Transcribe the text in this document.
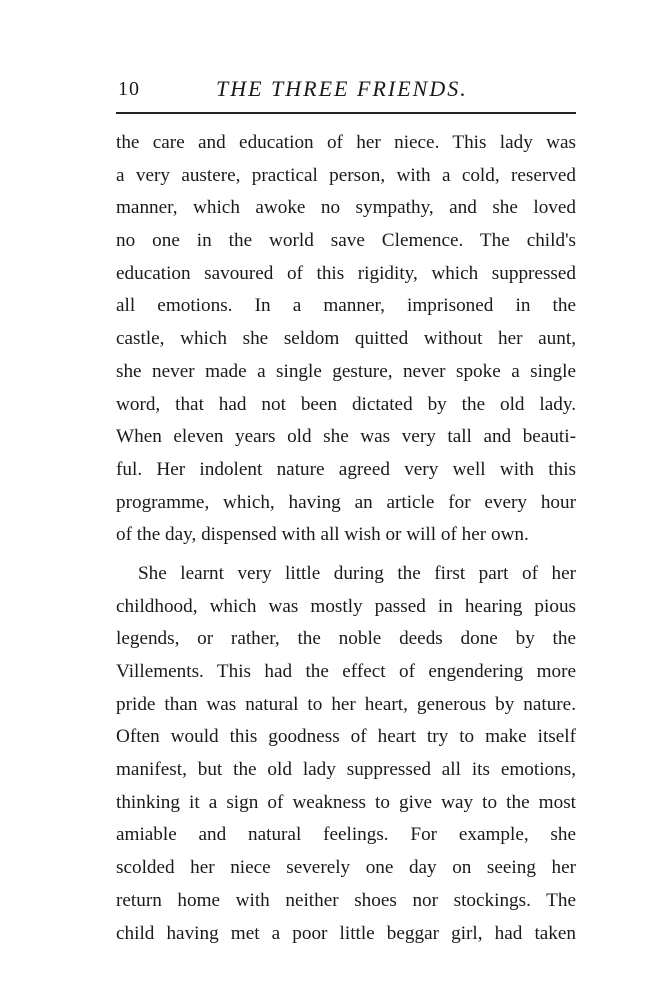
10	THE THREE FRIENDS.
the care and education of her niece. This lady was
a very austere, practical person, with a cold, reserved
manner, which awoke no sympathy, and she loved
no one in the world save Clemence. The child's
education savoured of this rigidity, which suppressed
all emotions. In a manner, imprisoned in the
castle, which she seldom quitted without her aunt,
she never made a single gesture, never spoke a single
word, that had not been dictated by the old lady.
When eleven years old she was very tall and beauti-
ful. Her indolent nature agreed very well with this
programme, which, having an article for every hour
of the day, dispensed with all wish or will of her own.
She learnt very little during the first part of her
childhood, which was mostly passed in hearing pious
legends, or rather, the noble deeds done by the
Villements. This had the effect of engendering more
pride than was natural to her heart, generous by nature.
Often would this goodness of heart try to make itself
manifest, but the old lady suppressed all its emotions,
thinking it a sign of weakness to give way to the most
amiable and natural feelings. For example, she
scolded her niece severely one day on seeing her
return home with neither shoes nor stockings. The
child having met a poor little beggar girl, had taken
